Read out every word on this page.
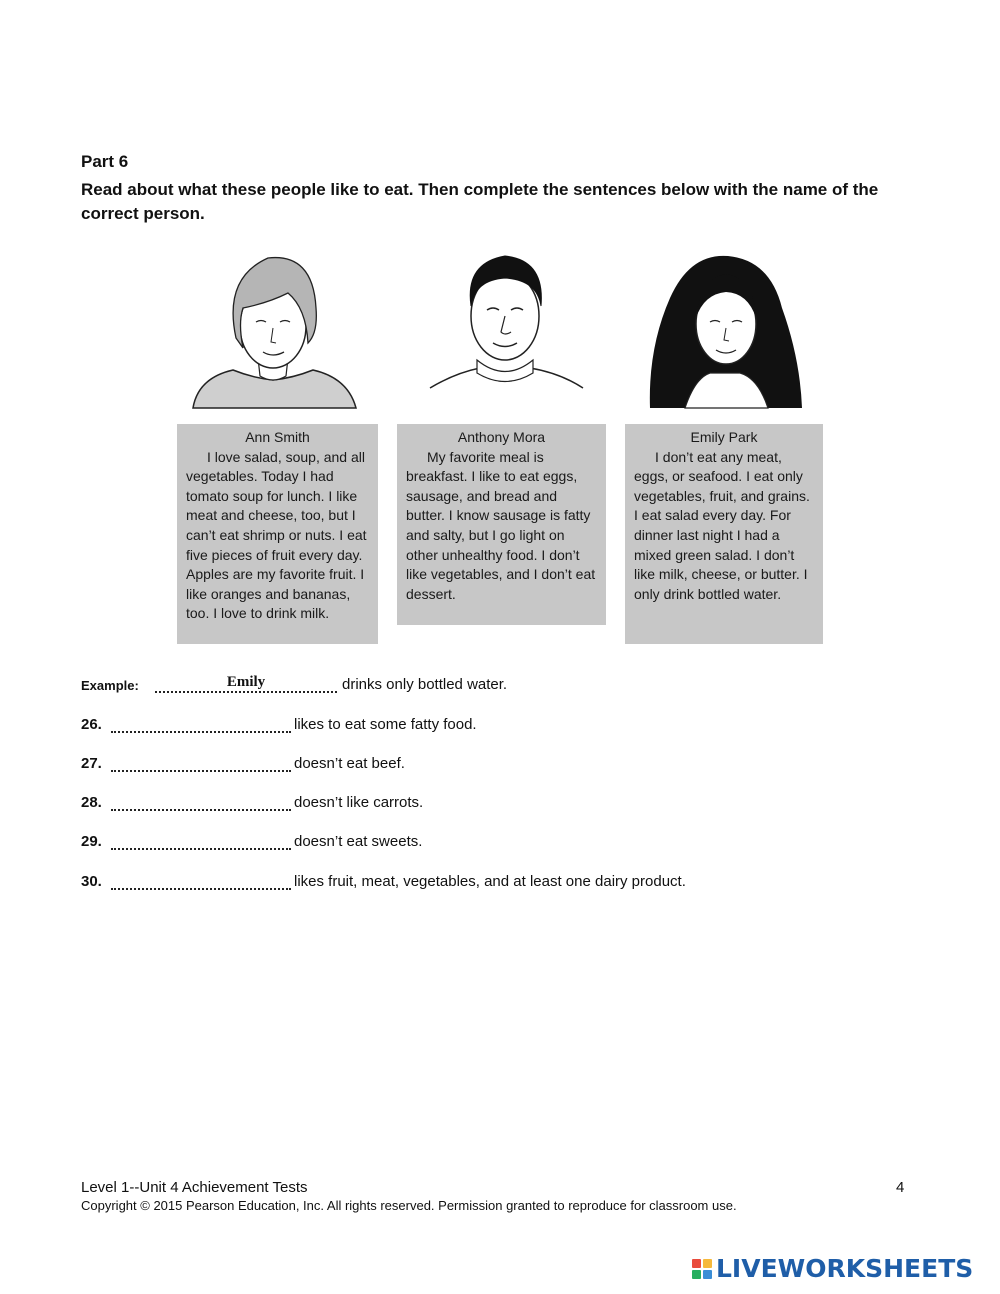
Part 6

Read about what these people like to eat. Then complete the sentences below with the name of the correct person.

Ann Smith
I love salad, soup, and all vegetables. Today I had tomato soup for lunch. I like meat and cheese, too, but I can’t eat shrimp or nuts. I eat five pieces of fruit every day. Apples are my favorite fruit. I like oranges and bananas, too. I love to drink milk.
Anthony Mora
My favorite meal is breakfast. I like to eat eggs, sausage, and bread and butter. I know sausage is fatty and salty, but I go light on other unhealthy food. I don’t like vegetables, and I don’t eat dessert.
Emily Park
I don’t eat any meat, eggs, or seafood. I eat only vegetables, fruit, and grains. I eat salad every day. For dinner last night I had a mixed green salad. I don’t like milk, cheese, or butter. I only drink bottled water.
Example:	Emily	drinks only bottled water.
26.	likes to eat some fatty food.
27.	doesn’t eat beef.
28.	doesn’t like carrots.
29.	doesn’t eat sweets.
30.	likes fruit, meat, vegetables, and at least one dairy product.
Level 1--Unit 4 Achievement Tests	4
Copyright © 2015 Pearson Education, Inc. All rights reserved. Permission granted to reproduce for classroom use.
LIVEWORKSHEETS
